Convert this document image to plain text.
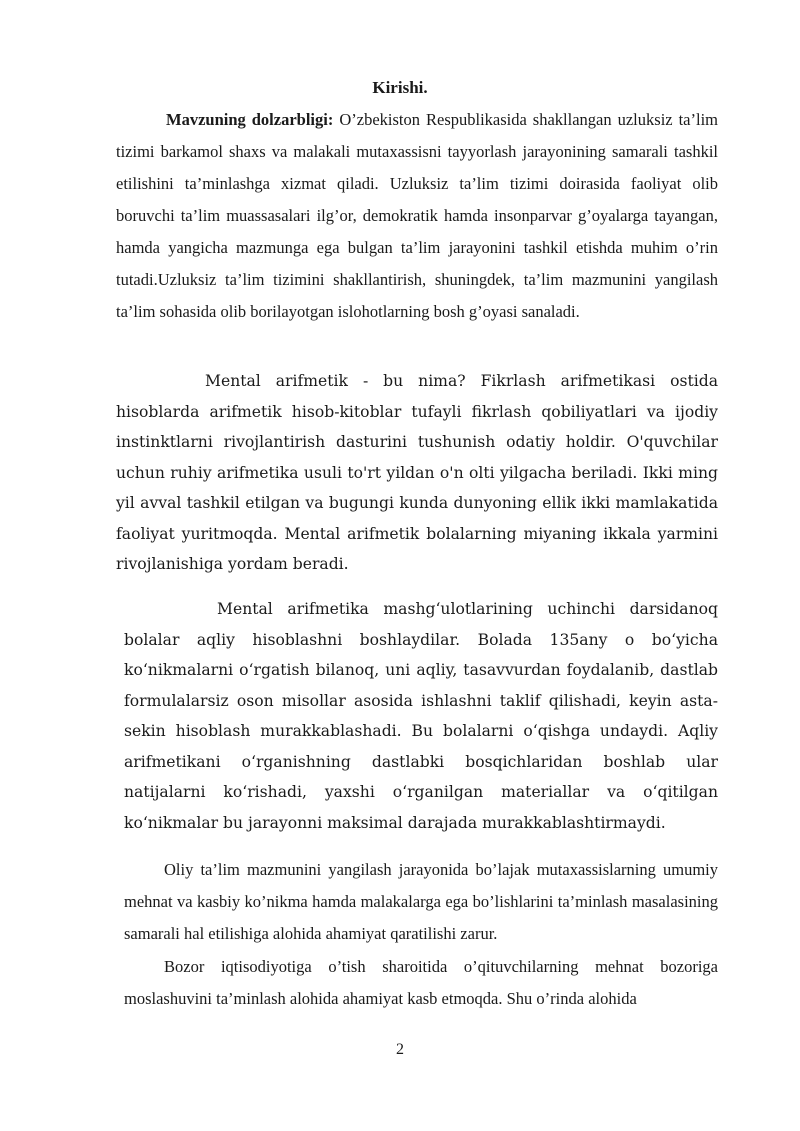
Kirishi.

Mavzuning dolzarbligi: O’zbekiston Respublikasida shakllangan uzluksiz ta’lim tizimi barkamol shaxs va malakali mutaxassisni tayyorlash jarayonining samarali tashkil etilishini ta’minlashga xizmat qiladi. Uzluksiz ta’lim tizimi doirasida faoliyat olib boruvchi ta’lim muassasalari ilg’or, demokratik hamda insonparvar g’oyalarga tayangan, hamda yangicha mazmunga ega bulgan ta’lim jarayonini tashkil etishda muhim o’rin tutadi.Uzluksiz ta’lim tizimini shakllantirish, shuningdek, ta’lim mazmunini yangilash ta’lim sohasida olib borilayotgan islohotlarning bosh g’oyasi sanaladi.

Mental arifmetik - bu nima? Fikrlash arifmetikasi ostida hisoblarda arifmetik hisob-kitoblar tufayli fikrlash qobiliyatlari va ijodiy instinktlarni rivojlantirish dasturini tushunish odatiy holdir. O'quvchilar uchun ruhiy arifmetika usuli to'rt yildan o'n olti yilgacha beriladi. Ikki ming yil avval tashkil etilgan va bugungi kunda dunyoning ellik ikki mamlakatida faoliyat yuritmoqda. Mental arifmetik bolalarning miyaning ikkala yarmini rivojlanishiga yordam beradi.

Mental arifmetika mashg‘ulotlarining uchinchi darsidanoq bolalar aqliy hisoblashni boshlaydilar. Bolada 135any o bo‘yicha ko‘nikmalarni o‘rgatish bilanoq, uni aqliy, tasavvurdan foydalanib, dastlab formulalarsiz oson misollar asosida ishlashni taklif qilishadi, keyin asta-sekin hisoblash murakkablashadi. Bu bolalarni o‘qishga undaydi. Aqliy arifmetikani o‘rganishning dastlabki bosqichlaridan boshlab ular natijalarni ko‘rishadi, yaxshi o‘rganilgan materiallar va o‘qitilgan ko‘nikmalar bu jarayonni maksimal darajada murakkablashtirmaydi.

Oliy ta’lim mazmunini yangilash jarayonida bo’lajak mutaxassislarning umumiy mehnat va kasbiy ko’nikma hamda malakalarga ega bo’lishlarini ta’minlash masalasining samarali hal etilishiga alohida ahamiyat qaratilishi zarur.

Bozor iqtisodiyotiga o’tish sharoitida o’qituvchilarning mehnat bozoriga moslashuvini ta’minlash alohida ahamiyat kasb etmoqda. Shu o’rinda alohida

2
